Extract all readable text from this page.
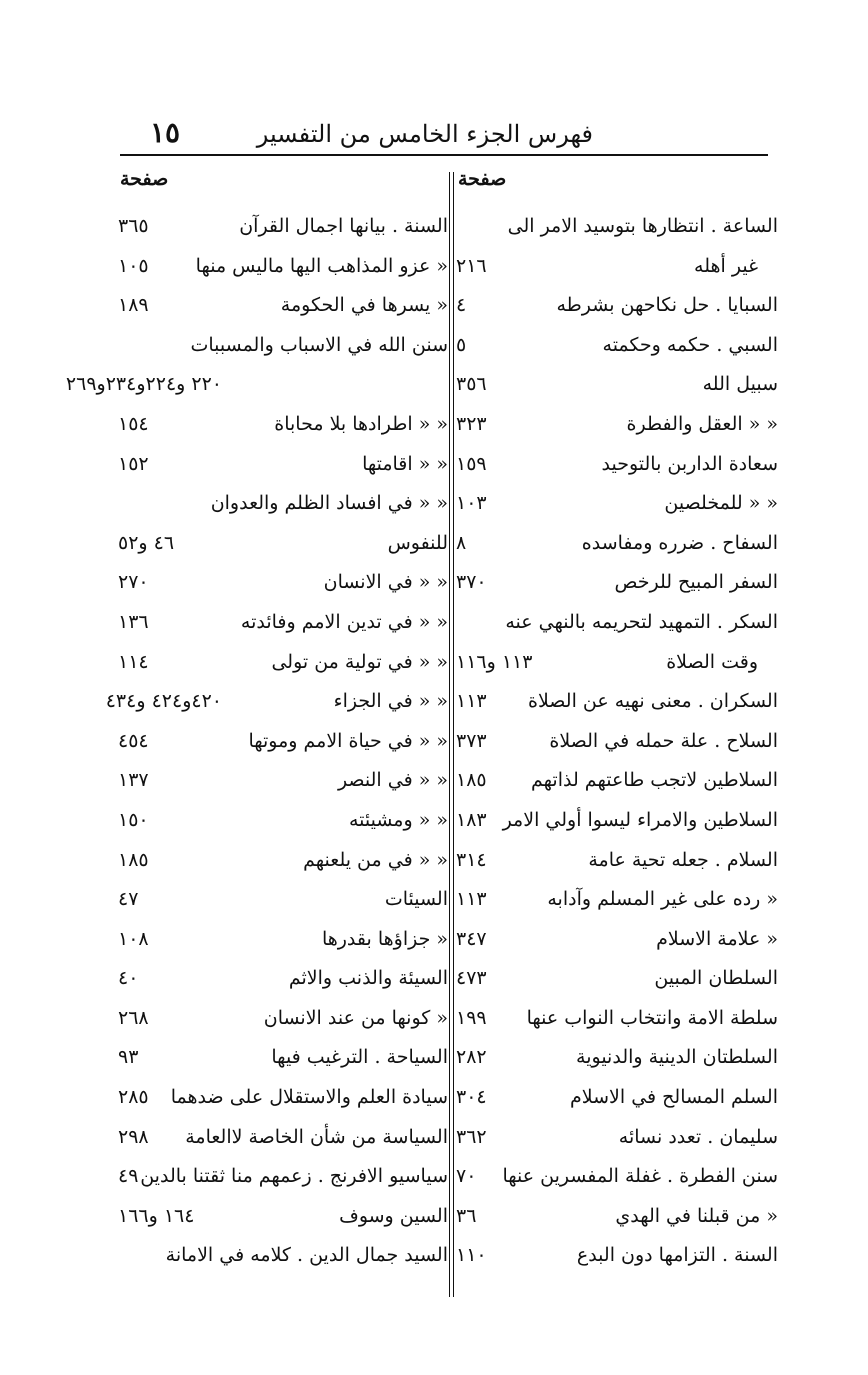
فهرس الجزء الخامس من التفسير
١٥
صفحة
صفحة
الساعة . انتظارها بتوسيد الامر الى
السنة . بيانها اجمال القرآن
٣٦٥
غير أهله
٢١٦
« عزو المذاهب اليها ماليس منها
١٠٥
السبايا . حل نكاحهن بشرطه
٤
« يسرها في الحكومة
١٨٩
السبي . حكمه وحكمته
٥
سنن الله في الاسباب والمسببات
سبيل الله
٣٥٦
٢٢٠ و٢٢٤و٢٣٤و٢٦٩
« « العقل والفطرة
٣٢٣
« « اطرادها بلا محاباة
١٥٤
سعادة الداربن بالتوحيد
١٥٩
« « اقامتها
١٥٢
« « للمخلصين
١٠٣
« « في افساد الظلم والعدوان
السفاح . ضرره ومفاسده
٨
للنفوس
٤٦ و٥٢
السفر المبيح للرخص
٣٧٠
« « في الانسان
٢٧٠
السكر . التمهيد لتحريمه بالنهي عنه
« « في تدين الامم وفائدته
١٣٦
وقت الصلاة
١١٣ و١١٦
« « في تولية من تولى
١١٤
السكران . معنى نهيه عن الصلاة
١١٣
« « في الجزاء
٤٢٠و٤٢٤ و٤٣٤
السلاح . علة حمله في الصلاة
٣٧٣
« « في حياة الامم وموتها
٤٥٤
السلاطين لاتجب طاعتهم لذاتهم
١٨٥
« « في النصر
١٣٧
السلاطين والامراء ليسوا أولي الامر
١٨٣
« « ومشيئته
١٥٠
السلام . جعله تحية عامة
٣١٤
« « في من يلعنهم
١٨٥
« رده على غير المسلم وآدابه
١١٣
السيئات
٤٧
« علامة الاسلام
٣٤٧
« جزاؤها بقدرها
١٠٨
السلطان المبين
٤٧٣
السيئة والذنب والاثم
٤٠
سلطة الامة وانتخاب النواب عنها
١٩٩
« كونها من عند الانسان
٢٦٨
السلطتان الدينية والدنيوية
٢٨٢
السياحة . الترغيب فيها
٩٣
السلم المسالح في الاسلام
٣٠٤
سيادة العلم والاستقلال على ضدهما
٢٨٥
سليمان . تعدد نسائه
٣٦٢
السياسة من شأن الخاصة لاالعامة
٢٩٨
سنن الفطرة . غفلة المفسرين عنها
٧٠
سياسيو الافرنج . زعمهم منا ثقتنا بالدين
٤٩
« من قبلنا في الهدي
٣٦
السين وسوف
١٦٤ و١٦٦
السنة . التزامها دون البدع
١١٠
السيد جمال الدين . كلامه في الامانة
